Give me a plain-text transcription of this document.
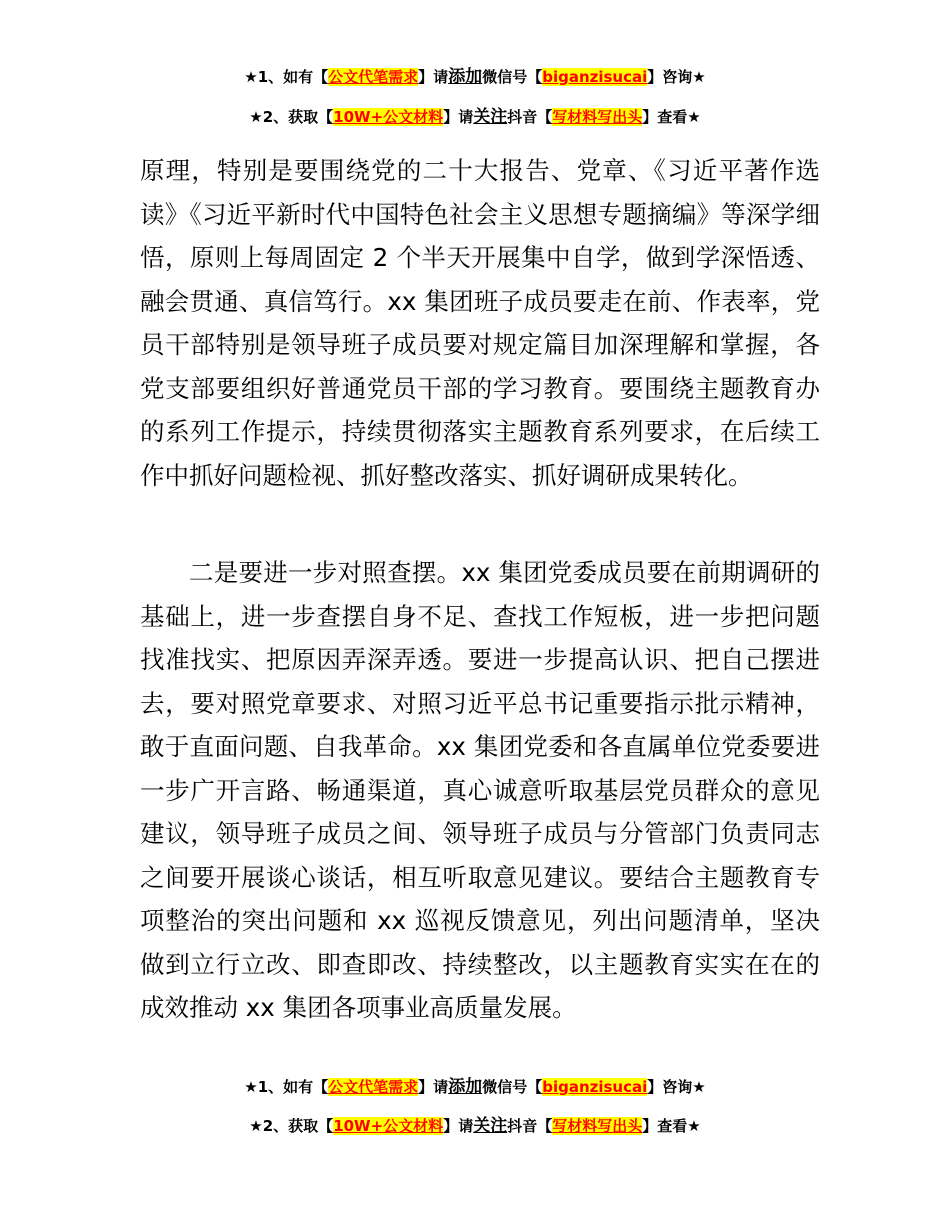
★1、如有【公文代笔需求】请添加微信号【biganzisucai】咨询★
★2、获取【10W+公文材料】请关注抖音【写材料写出头】查看★

原理，特别是要围绕党的二十大报告、党章、《习近平著作选读》《习近平新时代中国特色社会主义思想专题摘编》等深学细悟，原则上每周固定 2 个半天开展集中自学，做到学深悟透、融会贯通、真信笃行。xx 集团班子成员要走在前、作表率，党员干部特别是领导班子成员要对规定篇目加深理解和掌握，各党支部要组织好普通党员干部的学习教育。要围绕主题教育办的系列工作提示，持续贯彻落实主题教育系列要求，在后续工作中抓好问题检视、抓好整改落实、抓好调研成果转化。

二是要进一步对照查摆。xx 集团党委成员要在前期调研的基础上，进一步查摆自身不足、查找工作短板，进一步把问题找准找实、把原因弄深弄透。要进一步提高认识、把自己摆进去，要对照党章要求、对照习近平总书记重要指示批示精神，敢于直面问题、自我革命。xx 集团党委和各直属单位党委要进一步广开言路、畅通渠道，真心诚意听取基层党员群众的意见建议，领导班子成员之间、领导班子成员与分管部门负责同志之间要开展谈心谈话，相互听取意见建议。要结合主题教育专项整治的突出问题和 xx 巡视反馈意见，列出问题清单，坚决做到立行立改、即查即改、持续整改，以主题教育实实在在的成效推动 xx 集团各项事业高质量发展。

★1、如有【公文代笔需求】请添加微信号【biganzisucai】咨询★
★2、获取【10W+公文材料】请关注抖音【写材料写出头】查看★
